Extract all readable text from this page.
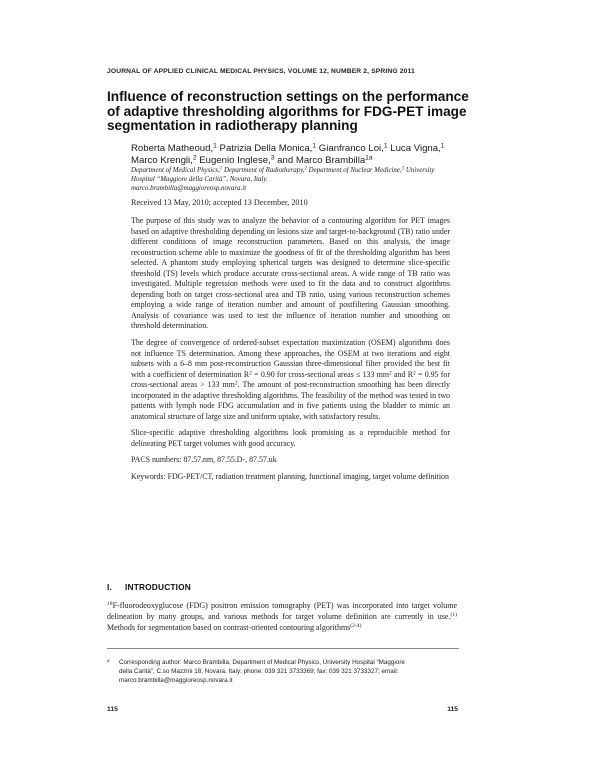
JOURNAL OF APPLIED CLINICAL MEDICAL PHYSICS, VOLUME 12, NUMBER 2, SPRING 2011
Influence of reconstruction settings on the performance
of adaptive thresholding algorithms for FDG-PET image
segmentation in radiotherapy planning
Roberta Matheoud,$^1$ Patrizia Della Monica,$^1$ Gianfranco Loi,$^1$ Luca Vigna,$^1$ Marco Krengli,$^2$ Eugenio Inglese,$^3$ and Marco Brambilla$^{1a}$
Department of Medical Physics,$^1$ Department of Radiotherapy,$^2$ Department of Nuclear Medicine,$^3$ University Hospital “Maggiore della Carità”, Novara, Italy.
marco.brambilla@maggioreosp.novara.it
Received 13 May, 2010; accepted 13 December, 2010

The purpose of this study was to analyze the behavior of a contouring algorithm for PET images based on adaptive thresholding depending on lesions size and target-to-background (TB) ratio under different conditions of image reconstruction parameters. Based on this analysis, the image reconstruction scheme able to maximize the goodness of fit of the thresholding algorithm has been selected. A phantom study employing spherical targets was designed to determine slice-specific threshold (TS) levels which produce accurate cross-sectional areas. A wide range of TB ratio was investigated. Multiple regression methods were used to fit the data and to construct algorithms depending both on target cross-sectional area and TB ratio, using various reconstruction schemes employing a wide range of iteration number and amount of postfiltering Gaussian smoothing. Analysis of covariance was used to test the influence of iteration number and smoothing on threshold determination.

The degree of convergence of ordered-subset expectation maximization (OSEM) algorithms does not influence TS determination. Among these approaches, the OSEM at two iterations and eight subsets with a 6–8 mm post-reconstruction Gaussian three-dimensional filter provided the best fit with a coefficient of determination $R^2 = 0.90$ for cross-sectional areas ≤ 133 $mm^2$ and $R^2 = 0.95$ for cross-sectional areas > 133 $mm^2$. The amount of post-reconstruction smoothing has been directly incorporated in the adaptive thresholding algorithms. The feasibility of the method was tested in two patients with lymph node FDG accumulation and in five patients using the bladder to mimic an anatomical structure of large size and uniform uptake, with satisfactory results.

Slice-specific adaptive thresholding algorithms look promising as a reproducible method for delineating PET target volumes with good accuracy.

PACS numbers: 87.57.nm, 87.55.D-, 87.57.uk

Keywords: FDG-PET/CT, radiation treatment planning, functional imaging, target volume definition

I. INTRODUCTION

$^{18}$F-fluorodeoxyglucose (FDG) positron emission tomography (PET) was incorporated into target volume delineation by many groups, and various methods for target volume definition are currently in use.$^{(1)}$ Methods for segmentation based on contrast-oriented contouring algorithms$^{(2-4)}$

$^a$ Corresponding author: Marco Brambilla, Department of Medical Physics, University Hospital “Maggiore
della Carità”, C.so Mazzini 18, Novara, Italy; phone: 039 321 3733369; fax: 039 321 3733327; email:
marco.brambilla@maggioreosp.novara.it
115	115
